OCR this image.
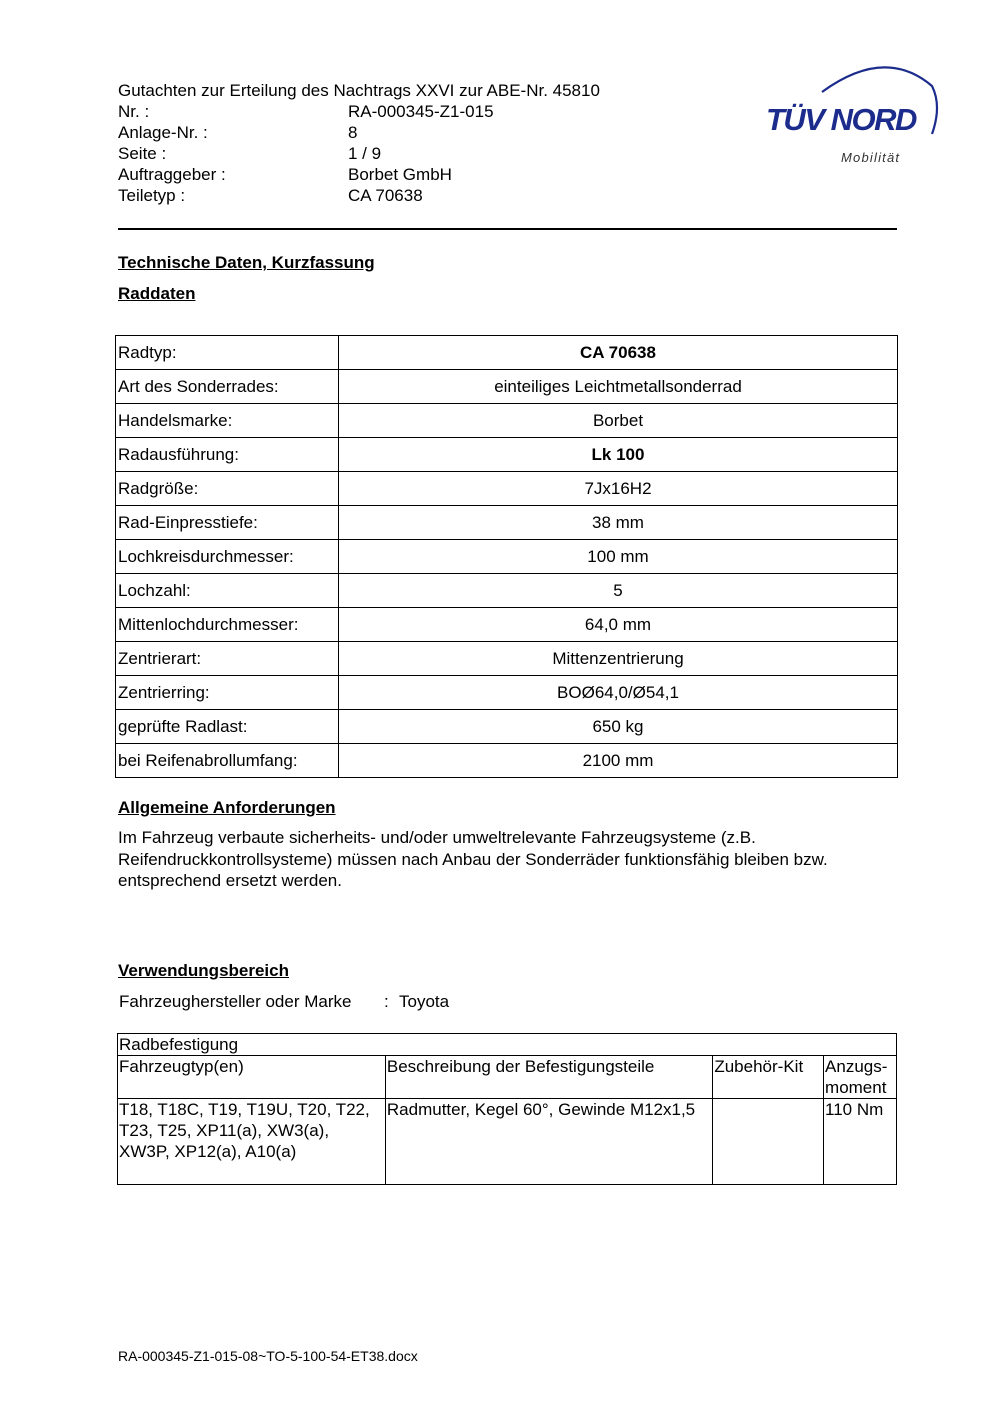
Gutachten zur Erteilung des Nachtrags XXVI zur ABE-Nr. 45810
Nr. :	RA-000345-Z1-015
Anlage-Nr. :	8
Seite :	1 / 9
Auftraggeber :	Borbet GmbH
Teiletyp :	CA 70638
TÜV NORD
Mobilität
Technische Daten, Kurzfassung
Raddaten
Radtyp:	CA 70638
Art des Sonderrades:	einteiliges Leichtmetallsonderrad
Handelsmarke:	Borbet
Radausführung:	Lk 100
Radgröße:	7Jx16H2
Rad-Einpresstiefe:	38 mm
Lochkreisdurchmesser:	100 mm
Lochzahl:	5
Mittenlochdurchmesser:	64,0 mm
Zentrierart:	Mittenzentrierung
Zentrierring:	BOØ64,0/Ø54,1
geprüfte Radlast:	650 kg
bei Reifenabrollumfang:	2100 mm
Allgemeine Anforderungen
Im Fahrzeug verbaute sicherheits- und/oder umweltrelevante Fahrzeugsysteme (z.B. Reifendruckkontrollsysteme) müssen nach Anbau der Sonderräder funktionsfähig bleiben bzw. entsprechend ersetzt werden.
Verwendungsbereich
Fahrzeughersteller oder Marke : Toyota
Radbefestigung			
Fahrzeugtyp(en)	Beschreibung der Befestigungsteile	Zubehör-Kit	Anzugs-moment
T18, T18C, T19, T19U, T20, T22, T23, T25, XP11(a), XW3(a), XW3P, XP12(a), A10(a)	Radmutter, Kegel 60°, Gewinde M12x1,5		110 Nm
RA-000345-Z1-015-08~TO-5-100-54-ET38.docx
